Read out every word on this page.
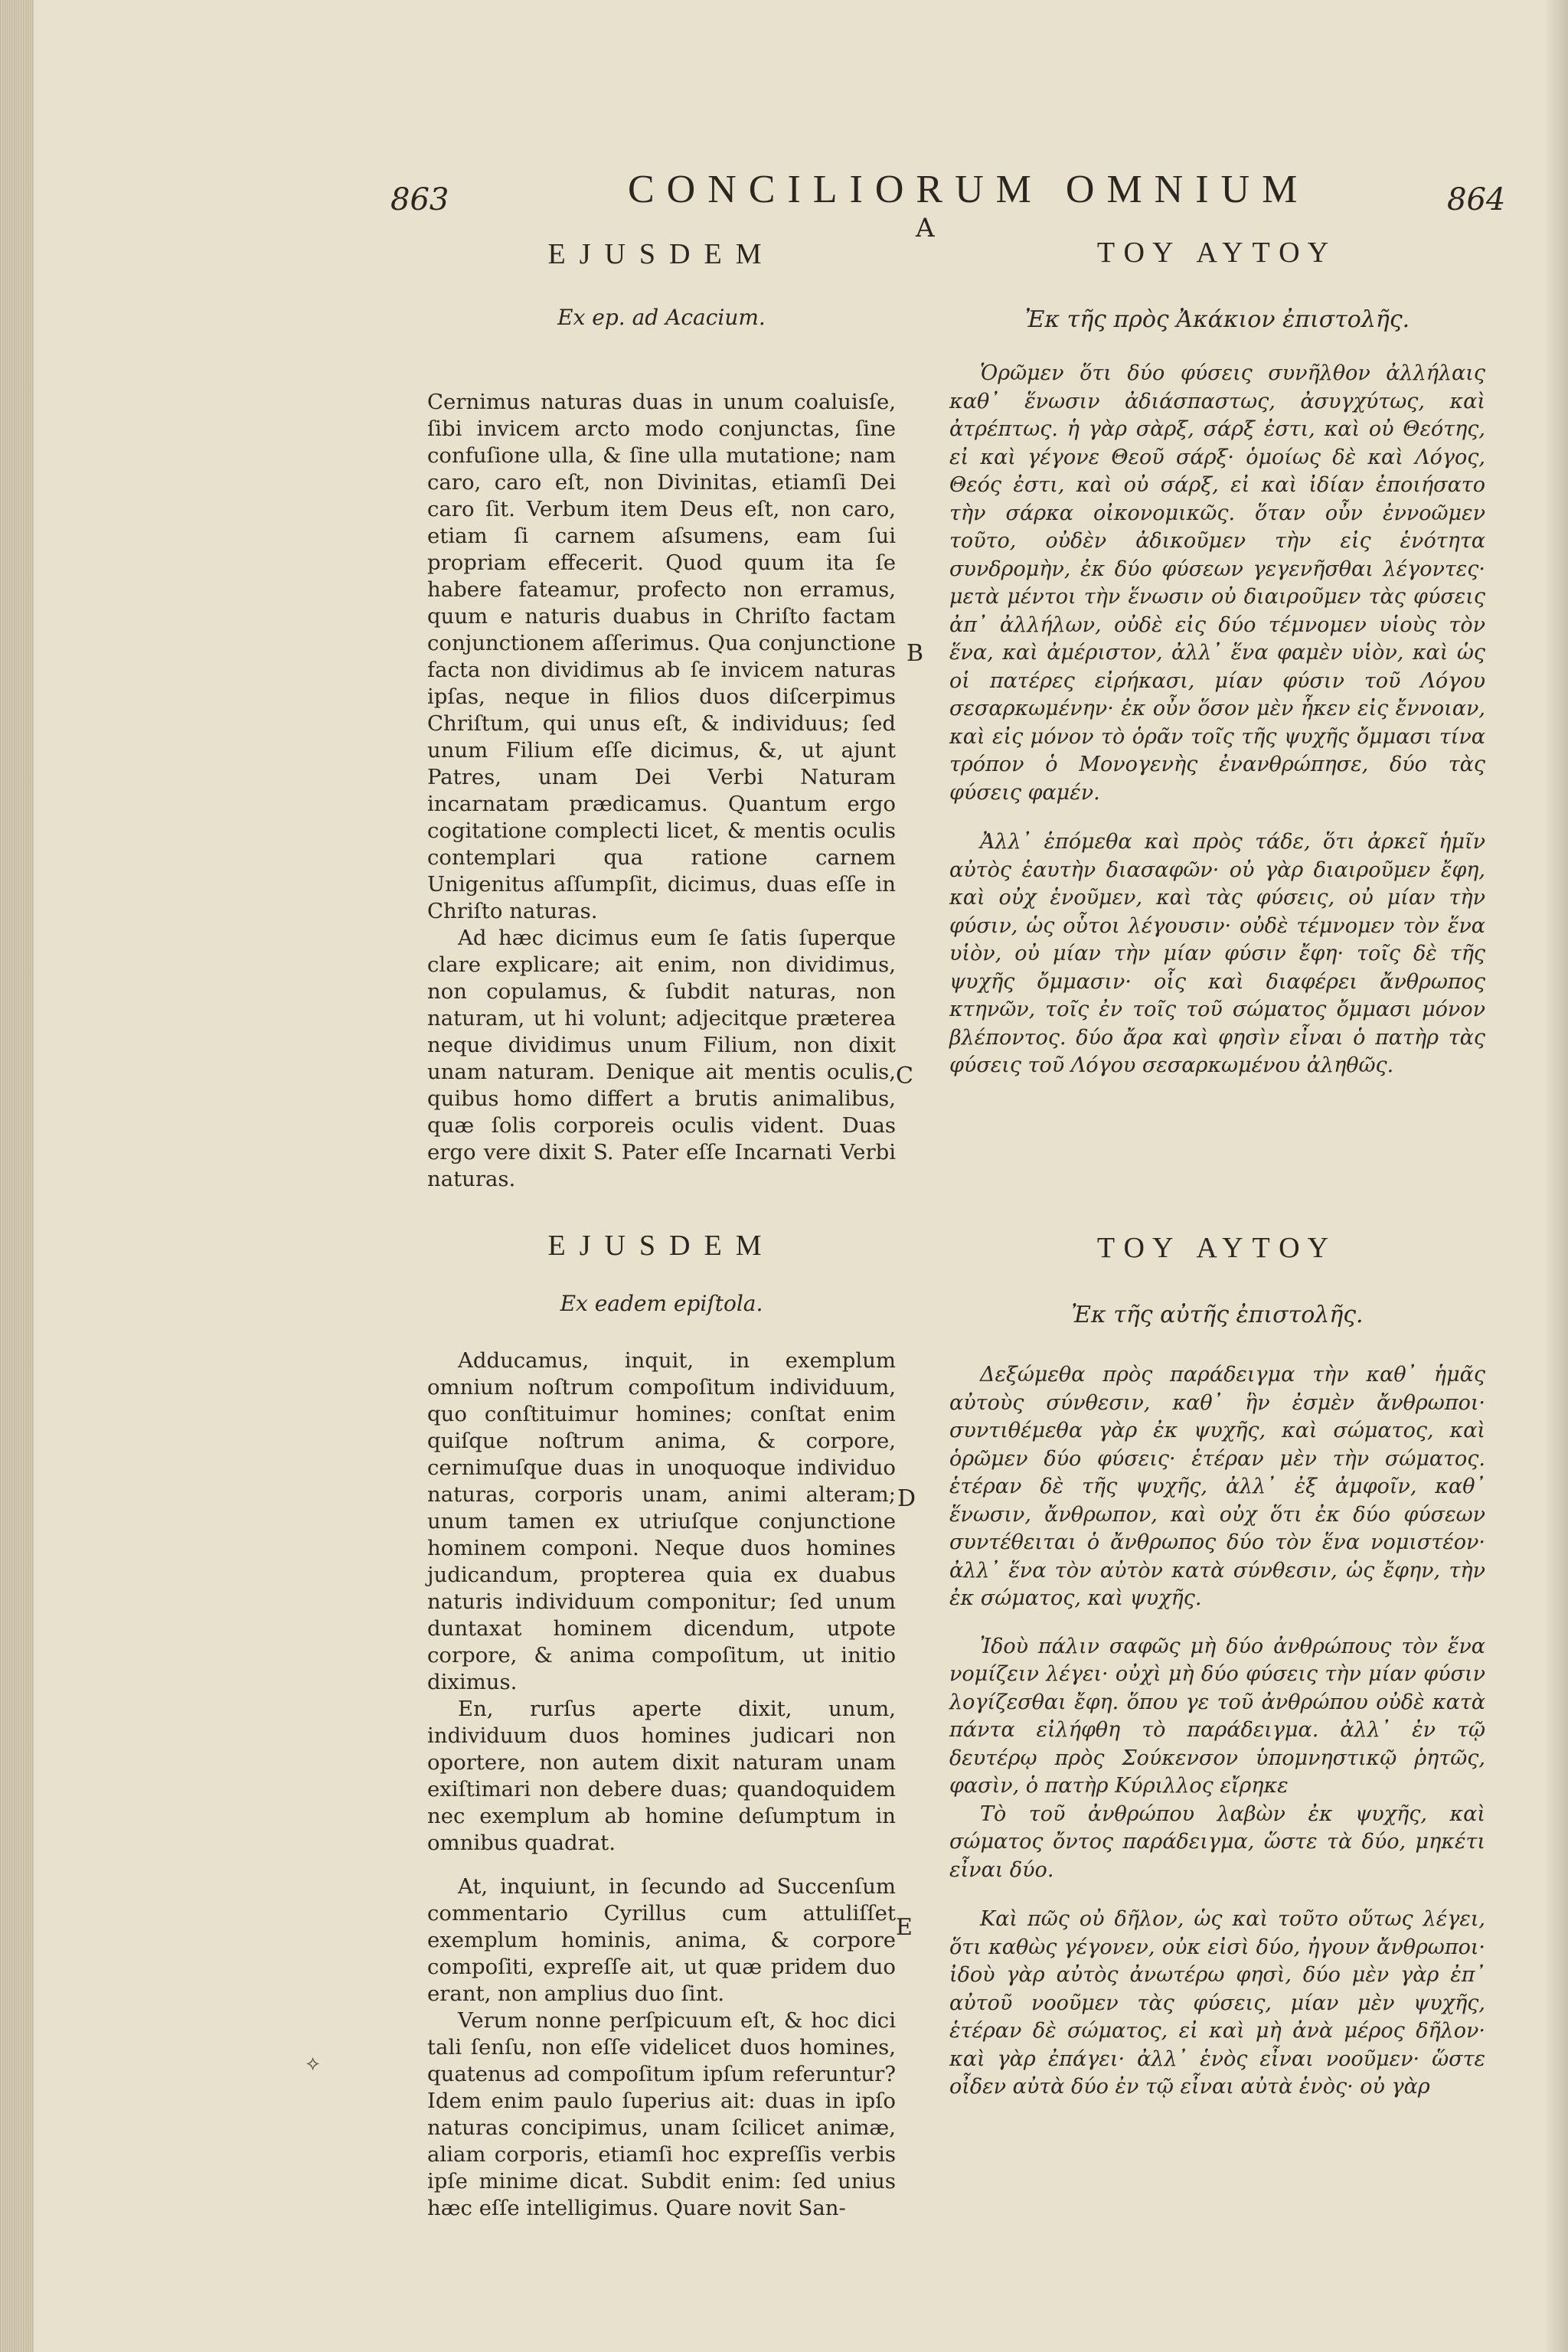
863	CONCILIORUM OMNIUM	864
A
EJUSDEM
Ex ep. ad Acacium.

Cernimus naturas duas in unum coaluisſe, ſibi invicem arcto modo conjunctas, ſine confuſione ulla, & ſine ulla mutatione; nam caro, caro eſt, non Divinitas, etiamſi Dei caro ſit. Verbum item Deus eſt, non caro, etiam ſi carnem aſsumens, eam ſui propriam effecerit. Quod quum ita ſe habere fateamur, profecto non erramus, quum e naturis duabus in Chriſto factam conjunctionem aſſerimus. Qua conjunctione facta non dividimus ab ſe invicem naturas ipſas, neque in filios duos diſcerpimus Chriſtum, qui unus eſt, & individuus; ſed unum Filium eſſe dicimus, &, ut ajunt Patres, unam Dei Verbi Naturam incarnatam prædicamus. Quantum ergo cogitatione complecti licet, & mentis oculis contemplari qua ratione carnem Unigenitus aſſumpſit, dicimus, duas eſſe in Chriſto naturas.

Ad hæc dicimus eum ſe ſatis ſuperque clare explicare; ait enim, non dividimus, non copulamus, & ſubdit naturas, non naturam, ut hi volunt; adjecitque præterea neque dividimus unum Filium, non dixit unam naturam. Denique ait mentis oculis, quibus homo differt a brutis animalibus, quæ ſolis corporeis oculis vident. Duas ergo vere dixit S. Pater eſſe Incarnati Verbi naturas.

EJUSDEM
Ex eadem epiſtola.

Adducamus, inquit, in exemplum omnium noſtrum compoſitum individuum, quo conſtituimur homines; conſtat enim quiſque noſtrum anima, & corpore, cernimuſque duas in unoquoque individuo naturas, corporis unam, animi alteram; unum tamen ex utriuſque conjunctione hominem componi. Neque duos homines judicandum, propterea quia ex duabus naturis individuum componitur; ſed unum duntaxat hominem dicendum, utpote corpore, & anima compoſitum, ut initio diximus.

En, rurſus aperte dixit, unum, individuum duos homines judicari non oportere, non autem dixit naturam unam exiſtimari non debere duas; quandoquidem nec exemplum ab homine deſumptum in omnibus quadrat.

At, inquiunt, in ſecundo ad Succenſum commentario Cyrillus cum attuliſſet exemplum hominis, anima, & corpore compoſiti, expreſſe ait, ut quæ pridem duo erant, non amplius duo ſint.

Verum nonne perſpicuum eſt, & hoc dici tali ſenſu, non eſſe videlicet duos homines, quatenus ad compoſitum ipſum referuntur? Idem enim paulo ſuperius ait: duas in ipſo naturas concipimus, unam ſcilicet animæ, aliam corporis, etiamſi hoc expreſſis verbis ipſe minime dicat. Subdit enim: ſed unius hæc eſſe intelligimus. Quare novit San-

B
C
D
E
⟡
ΤΟΥ ΑΥΤΟΥ
Ἐκ τῆς πρὸς Ἀκάκιον ἐπιστολῆς.

Ὁρῶμεν ὅτι δύο φύσεις συνῆλθον ἀλλήλαις καθ᾽ ἕνωσιν ἀδιάσπαστως, ἀσυγχύτως, καὶ ἀτρέπτως. ἡ γὰρ σὰρξ, σάρξ ἐστι, καὶ οὐ Θεότης, εἰ καὶ γέγονε Θεοῦ σάρξ· ὁμοίως δὲ καὶ Λόγος, Θεός ἐστι, καὶ οὐ σάρξ, εἰ καὶ ἰδίαν ἐποιήσατο τὴν σάρκα οἰκονομικῶς. ὅταν οὖν ἐννοῶμεν τοῦτο, οὐδὲν ἀδικοῦμεν τὴν εἰς ἑνότητα συνδρομὴν, ἐκ δύο φύσεων γεγενῆσθαι λέγοντες· μετὰ μέντοι τὴν ἕνωσιν οὐ διαιροῦμεν τὰς φύσεις ἀπ᾽ ἀλλήλων, οὐδὲ εἰς δύο τέμνομεν υἱοὺς τὸν ἕνα, καὶ ἀμέριστον, ἀλλ᾽ ἕνα φαμὲν υἱὸν, καὶ ὡς οἱ πατέρες εἰρήκασι, μίαν φύσιν τοῦ Λόγου σεσαρκωμένην· ἐκ οὖν ὅσον μὲν ἧκεν εἰς ἔννοιαν, καὶ εἰς μόνον τὸ ὁρᾶν τοῖς τῆς ψυχῆς ὄμμασι τίνα τρόπον ὁ Μονογενὴς ἐνανθρώπησε, δύο τὰς φύσεις φαμέν.

Ἀλλ᾽ ἑπόμεθα καὶ πρὸς τάδε, ὅτι ἀρκεῖ ἡμῖν αὐτὸς ἑαυτὴν διασαφῶν· οὐ γὰρ διαιροῦμεν ἔφη, καὶ οὐχ ἑνοῦμεν, καὶ τὰς φύσεις, οὐ μίαν τὴν φύσιν, ὡς οὗτοι λέγουσιν· οὐδὲ τέμνομεν τὸν ἕνα υἱὸν, οὐ μίαν τὴν μίαν φύσιν ἔφη· τοῖς δὲ τῆς ψυχῆς ὄμμασιν· οἷς καὶ διαφέρει ἄνθρωπος κτηνῶν, τοῖς ἐν τοῖς τοῦ σώματος ὄμμασι μόνον βλέποντος. δύο ἄρα καὶ φησὶν εἶναι ὁ πατὴρ τὰς φύσεις τοῦ Λόγου σεσαρκωμένου ἀληθῶς.

ΤΟΥ ΑΥΤΟΥ
Ἐκ τῆς αὐτῆς ἐπιστολῆς.

Δεξώμεθα πρὸς παράδειγμα τὴν καθ᾽ ἡμᾶς αὐτοὺς σύνθεσιν, καθ᾽ ἣν ἐσμὲν ἄνθρωποι· συντιθέμεθα γὰρ ἐκ ψυχῆς, καὶ σώματος, καὶ ὁρῶμεν δύο φύσεις· ἑτέραν μὲν τὴν σώματος. ἑτέραν δὲ τῆς ψυχῆς, ἀλλ᾽ ἐξ ἀμφοῖν, καθ᾽ ἕνωσιν, ἄνθρωπον, καὶ οὐχ ὅτι ἐκ δύο φύσεων συντέθειται ὁ ἄνθρωπος δύο τὸν ἕνα νομιστέον· ἀλλ᾽ ἕνα τὸν αὐτὸν κατὰ σύνθεσιν, ὡς ἔφην, τὴν ἐκ σώματος, καὶ ψυχῆς.

Ἰδοὺ πάλιν σαφῶς μὴ δύο ἀνθρώπους τὸν ἕνα νομίζειν λέγει· οὐχὶ μὴ δύο φύσεις τὴν μίαν φύσιν λογίζεσθαι ἔφη. ὅπου γε τοῦ ἀνθρώπου οὐδὲ κατὰ πάντα εἰλήφθη τὸ παράδειγμα. ἀλλ᾽ ἐν τῷ δευτέρῳ πρὸς Σούκενσον ὑπομνηστικῷ ῥητῶς, φασὶν, ὁ πατὴρ Κύριλλος εἴρηκε

Τὸ τοῦ ἀνθρώπου λαβὼν ἐκ ψυχῆς, καὶ σώματος ὄντος παράδειγμα, ὥστε τὰ δύο, μηκέτι εἶναι δύο.

Καὶ πῶς οὐ δῆλον, ὡς καὶ τοῦτο οὕτως λέγει, ὅτι καθὼς γέγονεν, οὐκ εἰσὶ δύο, ἠγουν ἄνθρωποι· ἰδοὺ γὰρ αὐτὸς ἀνωτέρω φησὶ, δύο μὲν γὰρ ἐπ᾽ αὐτοῦ νοοῦμεν τὰς φύσεις, μίαν μὲν ψυχῆς, ἑτέραν δὲ σώματος, εἰ καὶ μὴ ἀνὰ μέρος δῆλον· καὶ γὰρ ἐπάγει· ἀλλ᾽ ἑνὸς εἶναι νοοῦμεν· ὥστε οἶδεν αὐτὰ δύο ἐν τῷ εἶναι αὐτὰ ἑνὸς· οὐ γὰρ
